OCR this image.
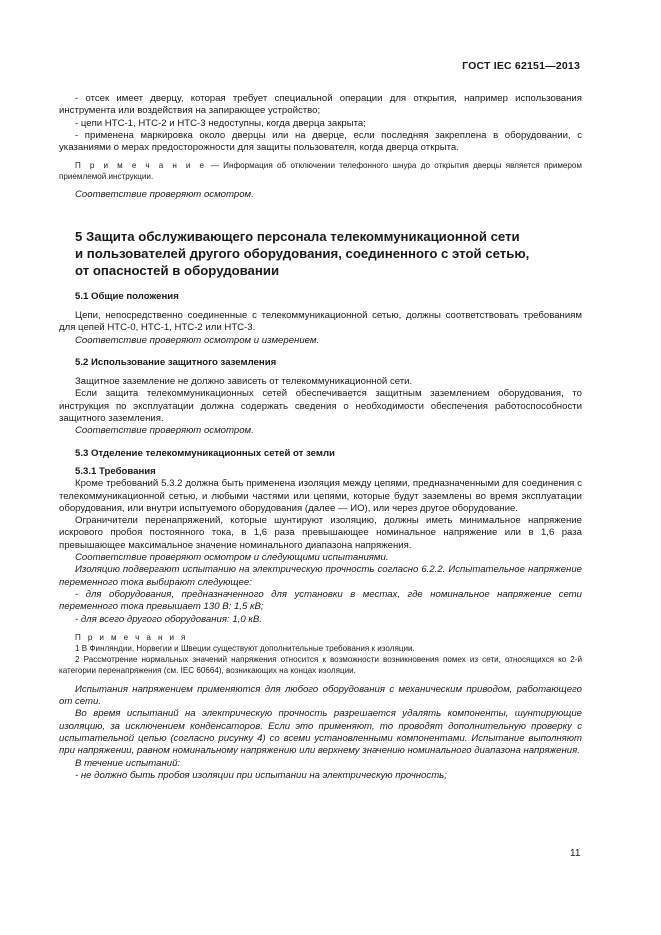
ГОСТ IEC 62151—2013

- отсек имеет дверцу, которая требует специальной операции для открытия, например использования инструмента или воздействия на запирающее устройство;

- цепи НТС-1, НТС-2 и НТС-3 недоступны, когда дверца закрыта;

- применена маркировка около дверцы или на дверце, если последняя закреплена в оборудовании, с указаниями о мерах предосторожности для защиты пользователя, когда дверца открыта.

П р и м е ч а н и е — Информация об отключении телефонного шнура до открытия дверцы является примером приемлемой инструкции.

Соответствие проверяют осмотром.

5 Защита обслуживающего персонала телекоммуникационной сети
и пользователей другого оборудования, соединенного с этой сетью,
от опасностей в оборудовании
5.1 Общие положения

Цепи, непосредственно соединенные с телекоммуникационной сетью, должны соответствовать требованиям для цепей НТС-0, НТС-1, НТС-2 или НТС-3.

Соответствие проверяют осмотром и измерением.

5.2 Использование защитного заземления

Защитное заземление не должно зависеть от телекоммуникационной сети.

Если защита телекоммуникационных сетей обеспечивается защитным заземлением оборудования, то инструкция по эксплуатации должна содержать сведения о необходимости обеспечения работоспособности защитного заземления.

Соответствие проверяют осмотром.

5.3 Отделение телекоммуникационных сетей от земли
5.3.1 Требования

Кроме требований 5.3.2 должна быть применена изоляция между цепями, предназначенными для соединения с телекоммуникационной сетью, и любыми частями или цепями, которые будут заземлены во время эксплуатации оборудования, или внутри испытуемого оборудования (далее — ИО), или через другое оборудование.

Ограничители перенапряжений, которые шунтируют изоляцию, должны иметь минимальное напряжение искрового пробоя постоянного тока, в 1,6 раза превышающее номинальное напряжение или в 1,6 раза превышающее максимальное значение номинального диапазона напряжения.

Соответствие проверяют осмотром и следующими испытаниями.

Изоляцию подвергают испытанию на электрическую прочность согласно 6.2.2. Испытательное напряжение переменного тока выбирают следующее:

- для оборудования, предназначенного для установки в местах, где номинальное напряжение сети переменного тока превышает 130 В: 1,5 кВ;

- для всего другого оборудования: 1,0 кВ.

П р и м е ч а н и я

1 В Финляндии, Норвегии и Швеции существуют дополнительные требования к изоляции.

2 Рассмотрение нормальных значений напряжения относится к возможности возникновения помех из сети, относящихся ко 2-й категории перенапряжения (см. IEC 60664), возникающих на концах изоляции.

Испытания напряжением применяются для любого оборудования с механическим приводом, работающего от сети.

Во время испытаний на электрическую прочность разрешается удалять компоненты, шунтирующие изоляцию, за исключением конденсаторов. Если это применяют, то проводят дополнительную проверку с испытательной цепью (согласно рисунку 4) со всеми установленными компонентами. Испытание выполняют при напряжении, равном номинальному напряжению или верхнему значению номинального диапазона напряжения.

В течение испытаний:

- не должно быть пробоя изоляции при испытании на электрическую прочность;

11
